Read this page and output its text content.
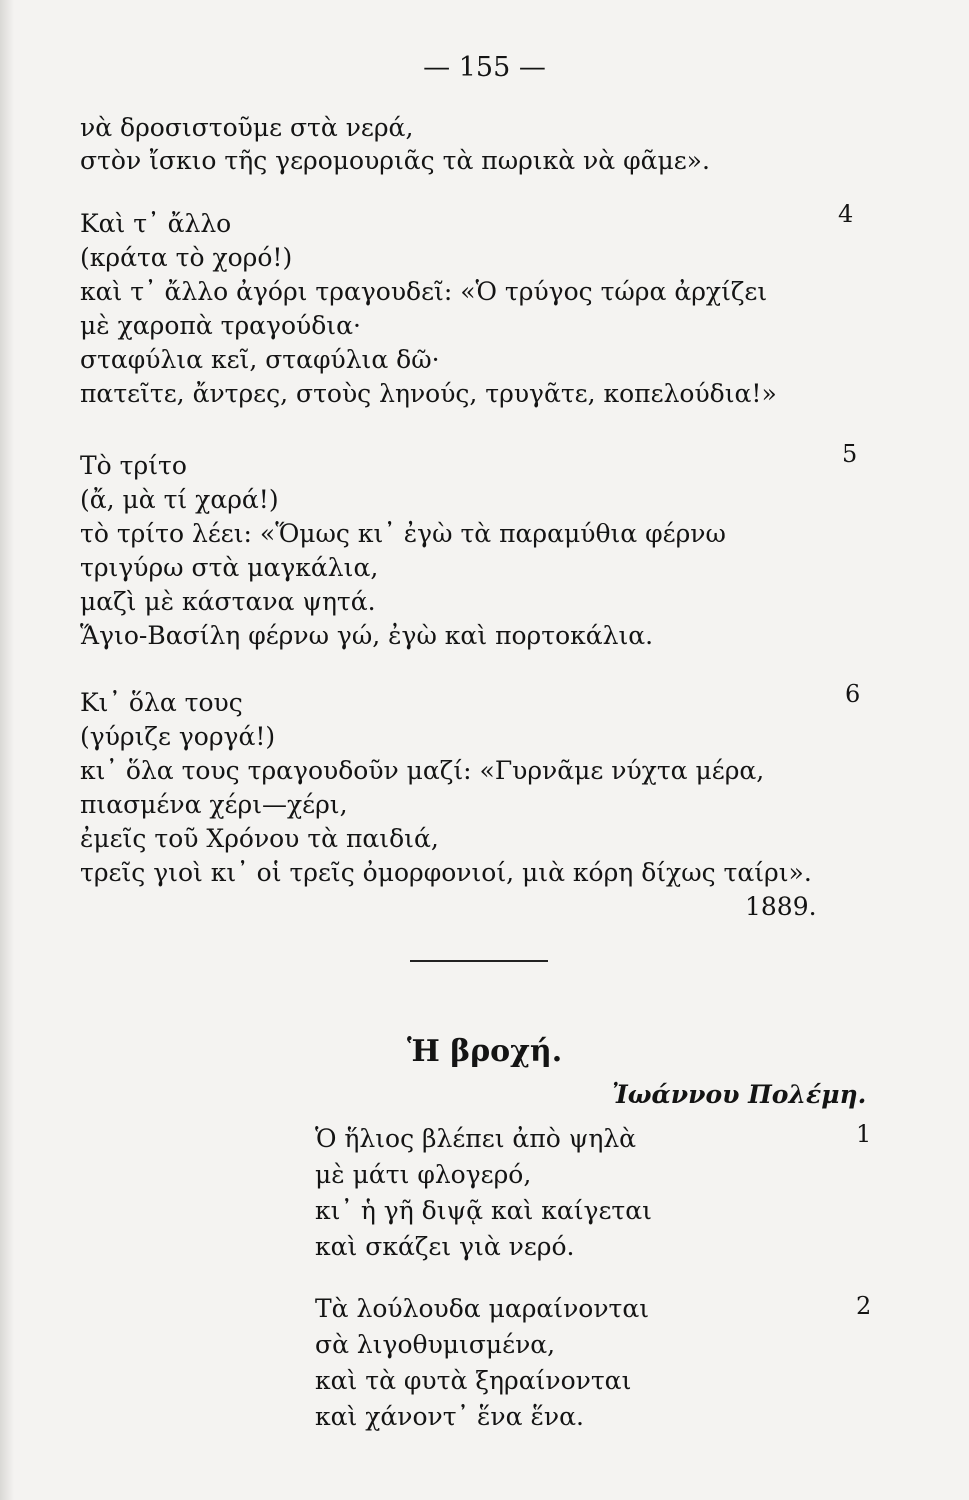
— 155 —
νὰ δροσιστοῦμε στὰ νερά,
στὸν ἴσκιο τῆς γερομουριᾶς τὰ πωρικὰ νὰ φᾶμε».
4
Καὶ τ᾿ ἄλλο
(κράτα τὸ χορό!)
καὶ τ᾿ ἄλλο ἀγόρι τραγουδεῖ: «Ὁ τρύγος τώρα ἀρχίζει
μὲ χαροπὰ τραγούδια·
σταφύλια κεῖ, σταφύλια δῶ·
πατεῖτε, ἄντρες, στοὺς ληνούς, τρυγᾶτε, κοπελούδια!»
5
Τὸ τρίτο
(ἄ, μὰ τί χαρά!)
τὸ τρίτο λέει: «Ὅμως κι᾿ ἐγὼ τὰ παραμύθια φέρνω
τριγύρω στὰ μαγκάλια,
μαζὶ μὲ κάστανα ψητά.
Ἅγιο-Βασίλη φέρνω γώ, ἐγὼ καὶ πορτοκάλια.
6
Κι᾿ ὅλα τους
(γύριζε γοργά!)
κι᾿ ὅλα τους τραγουδοῦν μαζί: «Γυρνᾶμε νύχτα μέρα,
πιασμένα χέρι—χέρι,
ἐμεῖς τοῦ Χρόνου τὰ παιδιά,
τρεῖς γιοὶ κι᾿ οἱ τρεῖς ὀμορφονιοί, μιὰ κόρη δίχως ταίρι».
1889.
Ἡ βροχή.
Ἰωάννου Πολέμη.
1
Ὁ ἥλιος βλέπει ἀπὸ ψηλὰ
μὲ μάτι φλογερό,
κι᾿ ἡ γῆ διψᾷ καὶ καίγεται
καὶ σκάζει γιὰ νερό.
2
Τὰ λούλουδα μαραίνονται
σὰ λιγοθυμισμένα,
καὶ τὰ φυτὰ ξηραίνονται
καὶ χάνοντ᾿ ἕνα ἕνα.
